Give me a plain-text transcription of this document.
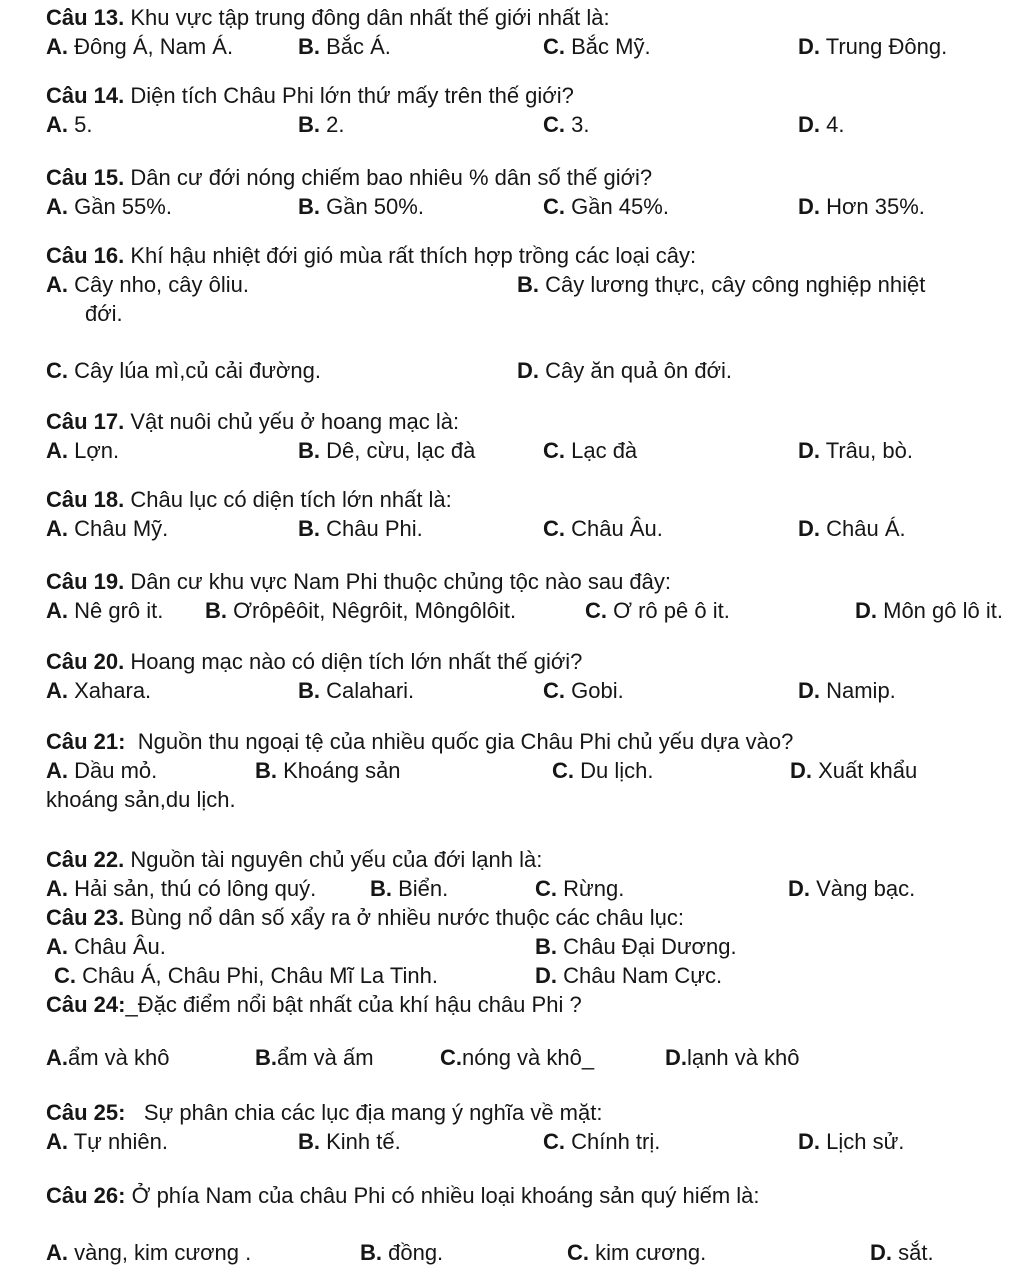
Câu 13. Khu vực tập trung đông dân nhất thế giới nhất là:

A. Đông Á, Nam Á.	B. Bắc Á.	C. Bắc Mỹ.	D. Trung Đông.

Câu 14. Diện tích Châu Phi lớn thứ mấy trên thế giới?

A. 5.	B. 2.	C. 3.	D. 4.

Câu 15. Dân cư đới nóng chiếm bao nhiêu % dân số thế giới?

A. Gần 55%.	B. Gần 50%.	C. Gần 45%.	D. Hơn 35%.

Câu 16. Khí hậu nhiệt đới gió mùa rất thích hợp trồng các loại cây:

A. Cây nho, cây ôliu.	B. Cây lương thực, cây công nghiệp nhiệt

đới.

C. Cây lúa mì,củ cải đường.	D. Cây ăn quả ôn đới.

Câu 17. Vật nuôi chủ yếu ở hoang mạc là:

A. Lợn.	B. Dê, cừu, lạc đà	C. Lạc đà	D. Trâu, bò.

Câu 18. Châu lục có diện tích lớn nhất là:

A. Châu Mỹ.	B. Châu Phi.	C. Châu Âu.	D. Châu Á.

Câu 19. Dân cư khu vực Nam Phi thuộc chủng tộc nào sau đây:

A. Nê grô it.	B. Ơrôpêôit, Nêgrôit, Môngôlôit.	C. Ơ rô pê ô it.	D. Môn gô lô it.

Câu 20. Hoang mạc nào có diện tích lớn nhất thế giới?

A. Xahara.	B. Calahari.	C. Gobi.	D. Namip.

Câu 21:  Nguồn thu ngoại tệ của nhiều quốc gia Châu Phi chủ yếu dựa vào?

A. Dầu mỏ.	B. Khoáng sản	C. Du lịch.	D. Xuất khẩu

khoáng sản,du lịch.

Câu 22. Nguồn tài nguyên chủ yếu của đới lạnh là:

A. Hải sản, thú có lông quý.	B. Biển.	C. Rừng.	D. Vàng bạc.

Câu 23. Bùng nổ dân số xẩy ra ở nhiều nước thuộc các châu lục:

A. Châu Âu.	B. Châu Đại Dương.
C. Châu Á, Châu Phi, Châu Mĩ La Tinh.	D. Châu Nam Cực.

Câu 24:_Đặc điểm nổi bật nhất của khí hậu châu Phi ?

A.ẩm và khô	B.ẩm và ấm	C.nóng và khô_	D.lạnh và khô

Câu 25:   Sự phân chia các lục địa mang ý nghĩa về mặt:

A. Tự nhiên.	B. Kinh tế.	C. Chính trị.	D. Lịch sử.

Câu 26: Ở phía Nam của châu Phi có nhiều loại khoáng sản quý hiếm là:

A. vàng, kim cương .	B. đồng.	C. kim cương.	D. sắt.
